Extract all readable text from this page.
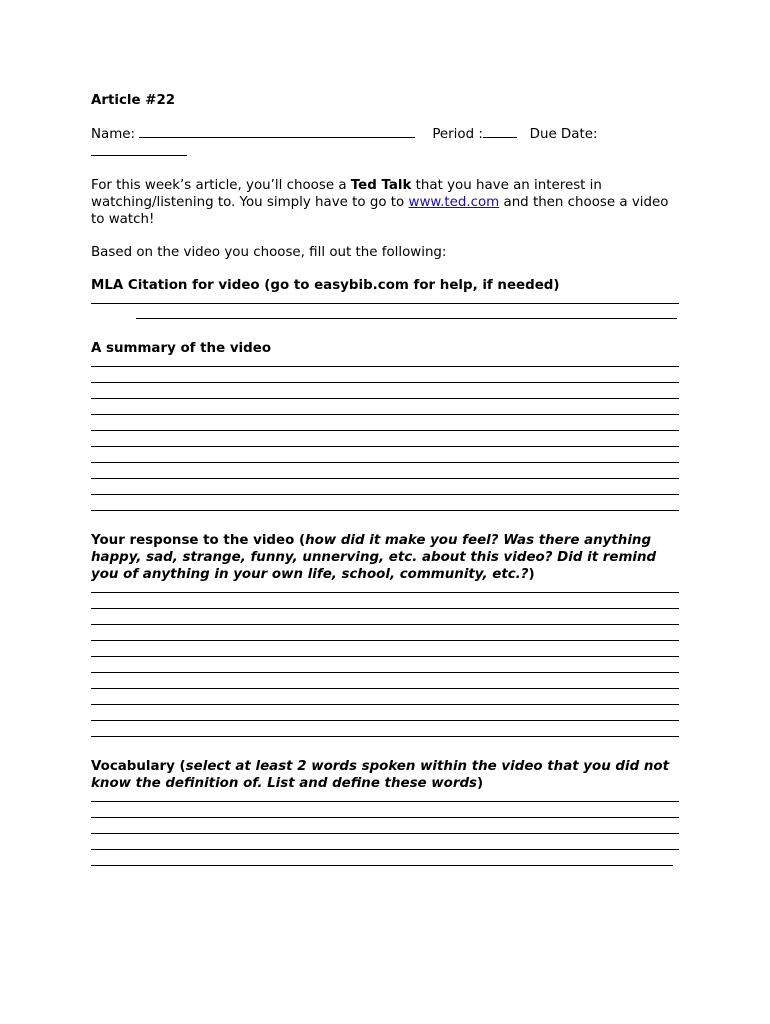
Article #22

Name:	Period :	Due Date:

For this week’s article, you’ll choose a Ted Talk that you have an interest in watching/listening to. You simply have to go to www.ted.com and then choose a video to watch!

Based on the video you choose, fill out the following:

MLA Citation for video (go to easybib.com for help, if needed)

A summary of the video

Your response to the video (how did it make you feel? Was there anything happy, sad, strange, funny, unnerving, etc. about this video? Did it remind you of anything in your own life, school, community, etc.?)

Vocabulary (select at least 2 words spoken within the video that you did not know the definition of. List and define these words)
